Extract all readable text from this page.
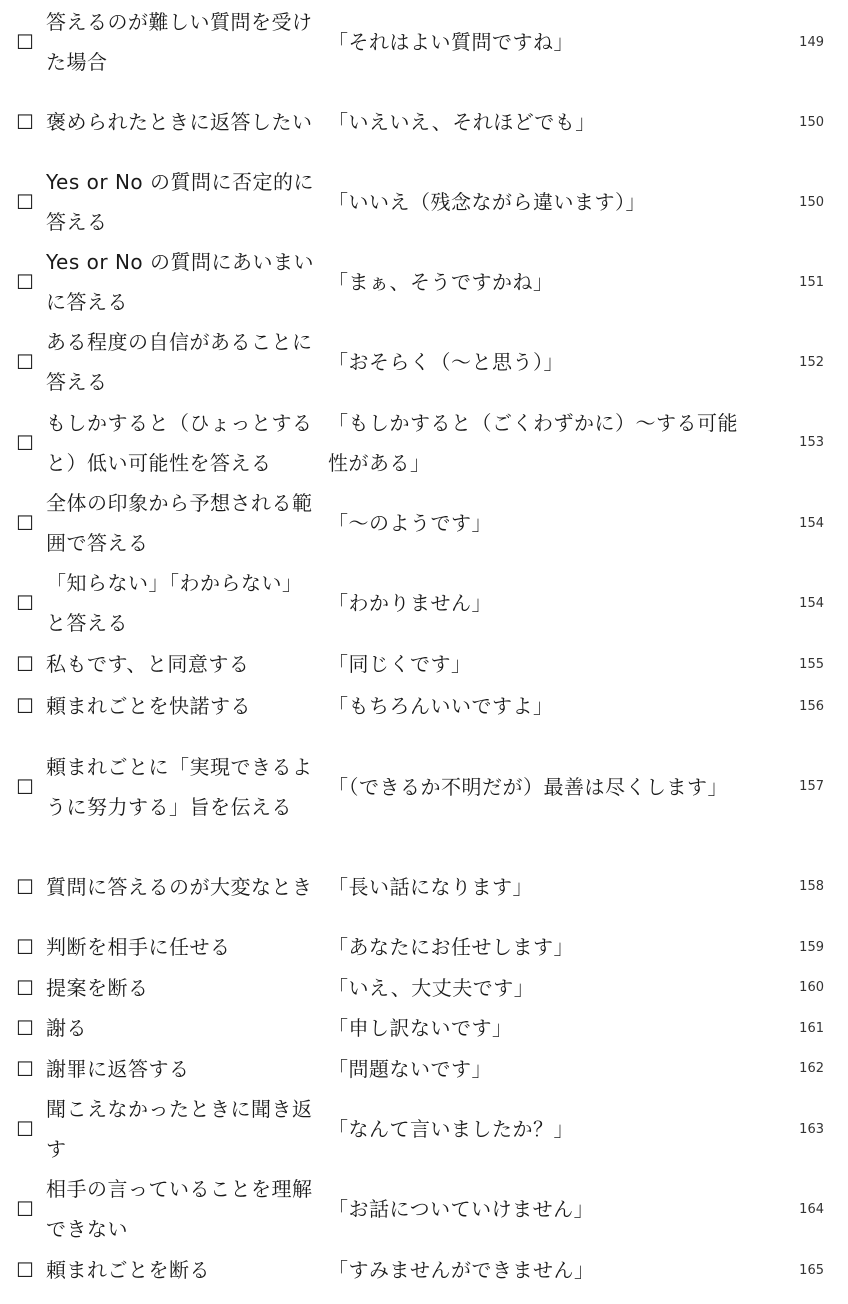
☐
答えるのが難しい質問を受けた場合
「それはよい質問ですね」	149
☐ 褒められたときに返答したい 「いえいえ、それほどでも」	150
☐
Yes or No の質問に否定的に答える
「いいえ（残念ながら違います）」	150
☐
Yes or No の質問にあいまいに答える
「まぁ、そうですかね」	151
☐
ある程度の自信があることに答える
「おそらく（〜と思う）」	152
☐
もしかすると（ひょっとすると）低い可能性を答える
「もしかすると（ごくわずかに）〜する可能性がある」
153
☐
全体の印象から予想される範囲で答える
「〜のようです」	154
☐
「知らない」「わからない」と答える
「わかりません」	154
☐ 私もです、と同意する	「同じくです」	155
☐ 頼まれごとを快諾する	「もちろんいいですよ」	156
☐
頼まれごとに「実現できるように努力する」旨を伝える
「（できるか不明だが）最善は尽くします」	157
☐ 質問に答えるのが大変なとき 「長い話になります」	158
☐ 判断を相手に任せる	「あなたにお任せします」	159
☐ 提案を断る	「いえ、大丈夫です」	160
☐ 謝る	「申し訳ないです」	161
☐ 謝罪に返答する	「問題ないです」	162
☐
聞こえなかったときに聞き返す
「なんて言いましたか？」	163
☐
相手の言っていることを理解できない
「お話についていけません」	164
☐ 頼まれごとを断る	「すみませんができません」	165
